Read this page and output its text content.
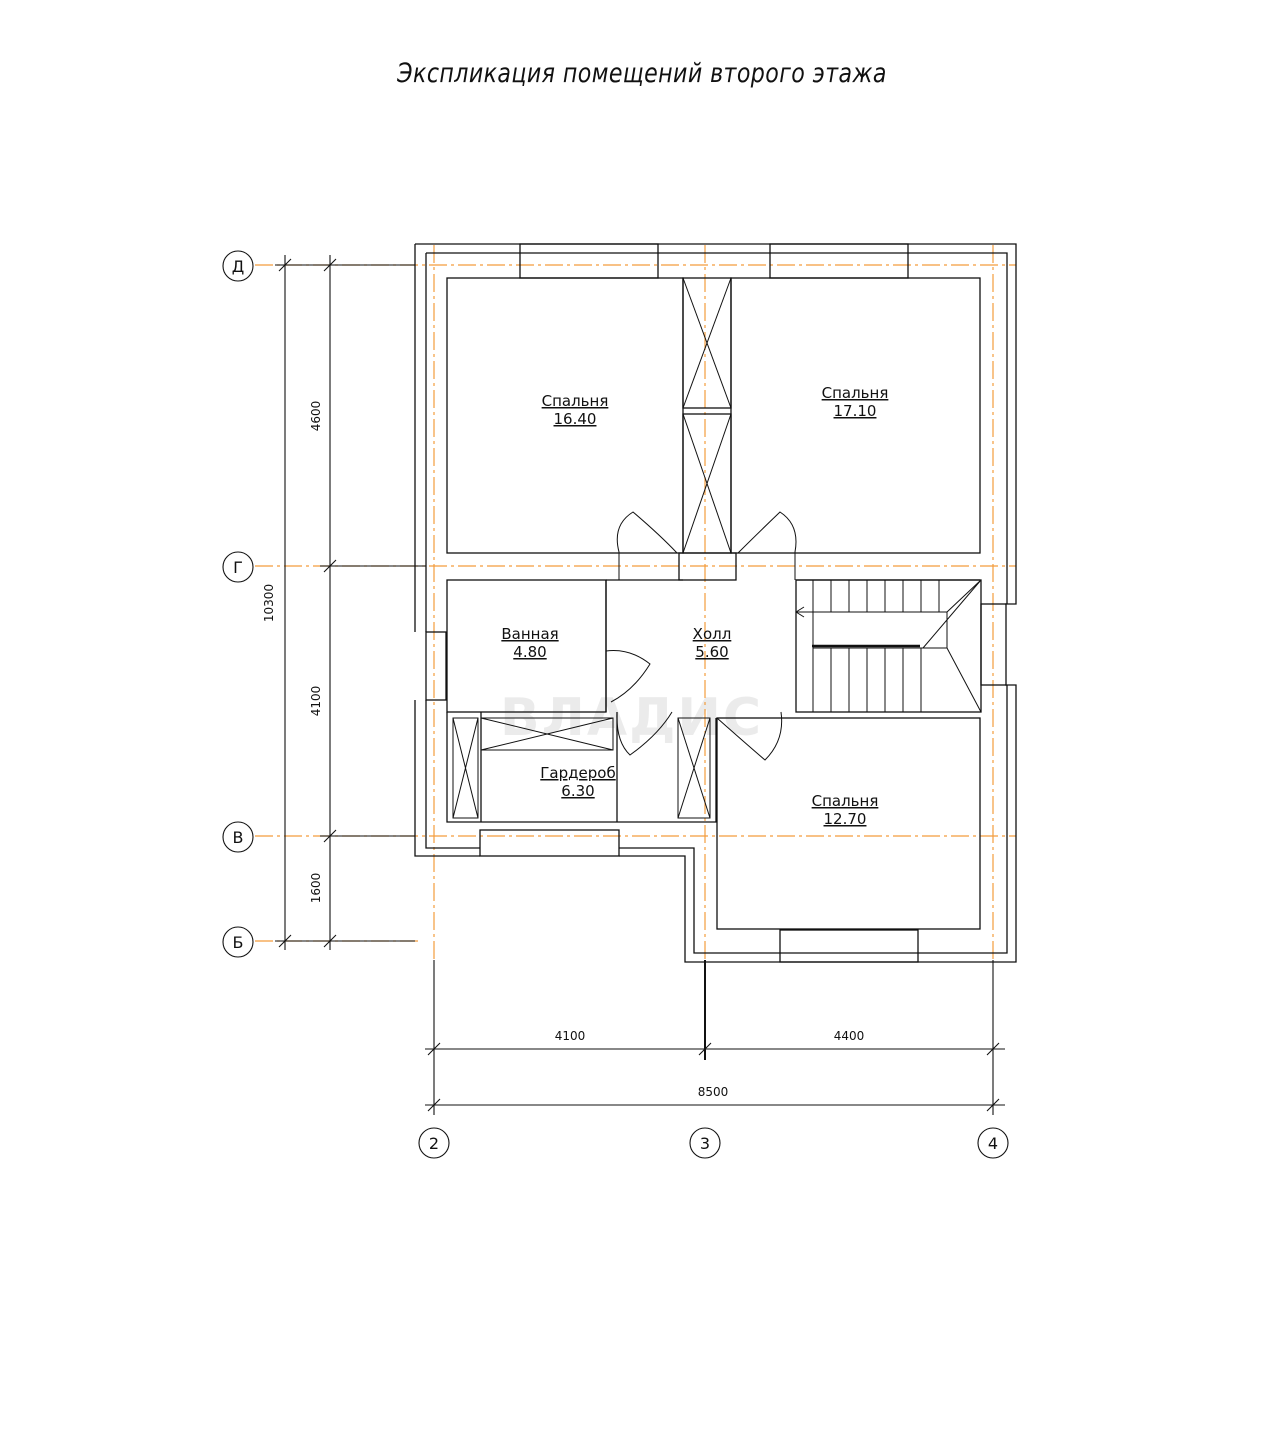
Экспликация помещений второго этажа
ВЛАДИС
Д
Г
В
Б
2	3	4
10300
4600
4100
1600
4100	4400
8500
Спальня
16.40
Спальня
17.10
Ванная
4.80
Холл
5.60
Гардероб
6.30
Спальня
12.70
